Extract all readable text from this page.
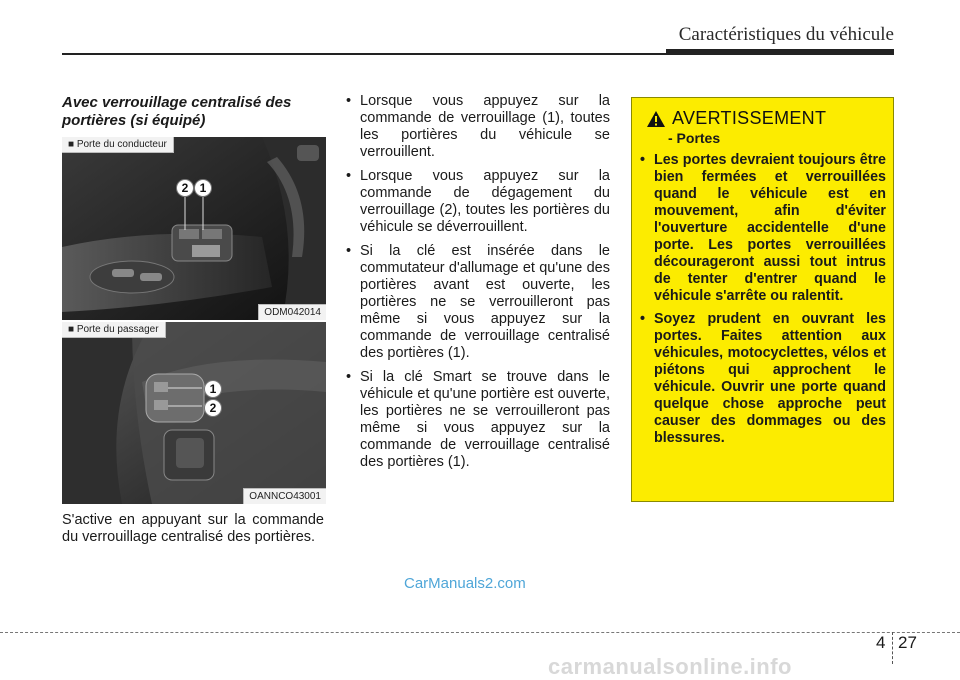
Caractéristiques du véhicule
Avec verrouillage centralisé des portières (si équipé)
■ Porte du conducteur
2 1
ODM042014
■ Porte du passager
1
2
OANNCO43001
S'active en appuyant sur la commande du verrouillage centralisé des portières.
• Lorsque vous appuyez sur la commande de verrouillage (1), toutes les portières du véhicule se verrouillent.
• Lorsque vous appuyez sur la commande de dégagement du verrouillage (2), toutes les portières du véhicule se déverrouillent.
• Si la clé est insérée dans le commutateur d'allumage et qu'une des portières avant est ouverte, les portières ne se verrouilleront pas même si vous appuyez sur la commande de verrouillage centralisé des portières (1).
• Si la clé Smart se trouve dans le véhicule et qu'une portière est ouverte, les portières ne se verrouilleront pas même si vous appuyez sur la commande de verrouillage centralisé des portières (1).
AVERTISSEMENT
- Portes
• Les portes devraient toujours être bien fermées et verrouillées quand le véhicule est en mouvement, afin d'éviter l'ouverture accidentelle d'une porte. Les portes verrouillées décourageront aussi tout intrus de tenter d'entrer quand le véhicule s'arrête ou ralentit.
• Soyez prudent en ouvrant les portes. Faites attention aux véhicules, motocyclettes, vélos et piétons qui approchent le véhicule. Ouvrir une porte quand quelque chose approche peut causer des dommages ou des blessures.
CarManuals2.com
4 27
carmanualsonline.info
